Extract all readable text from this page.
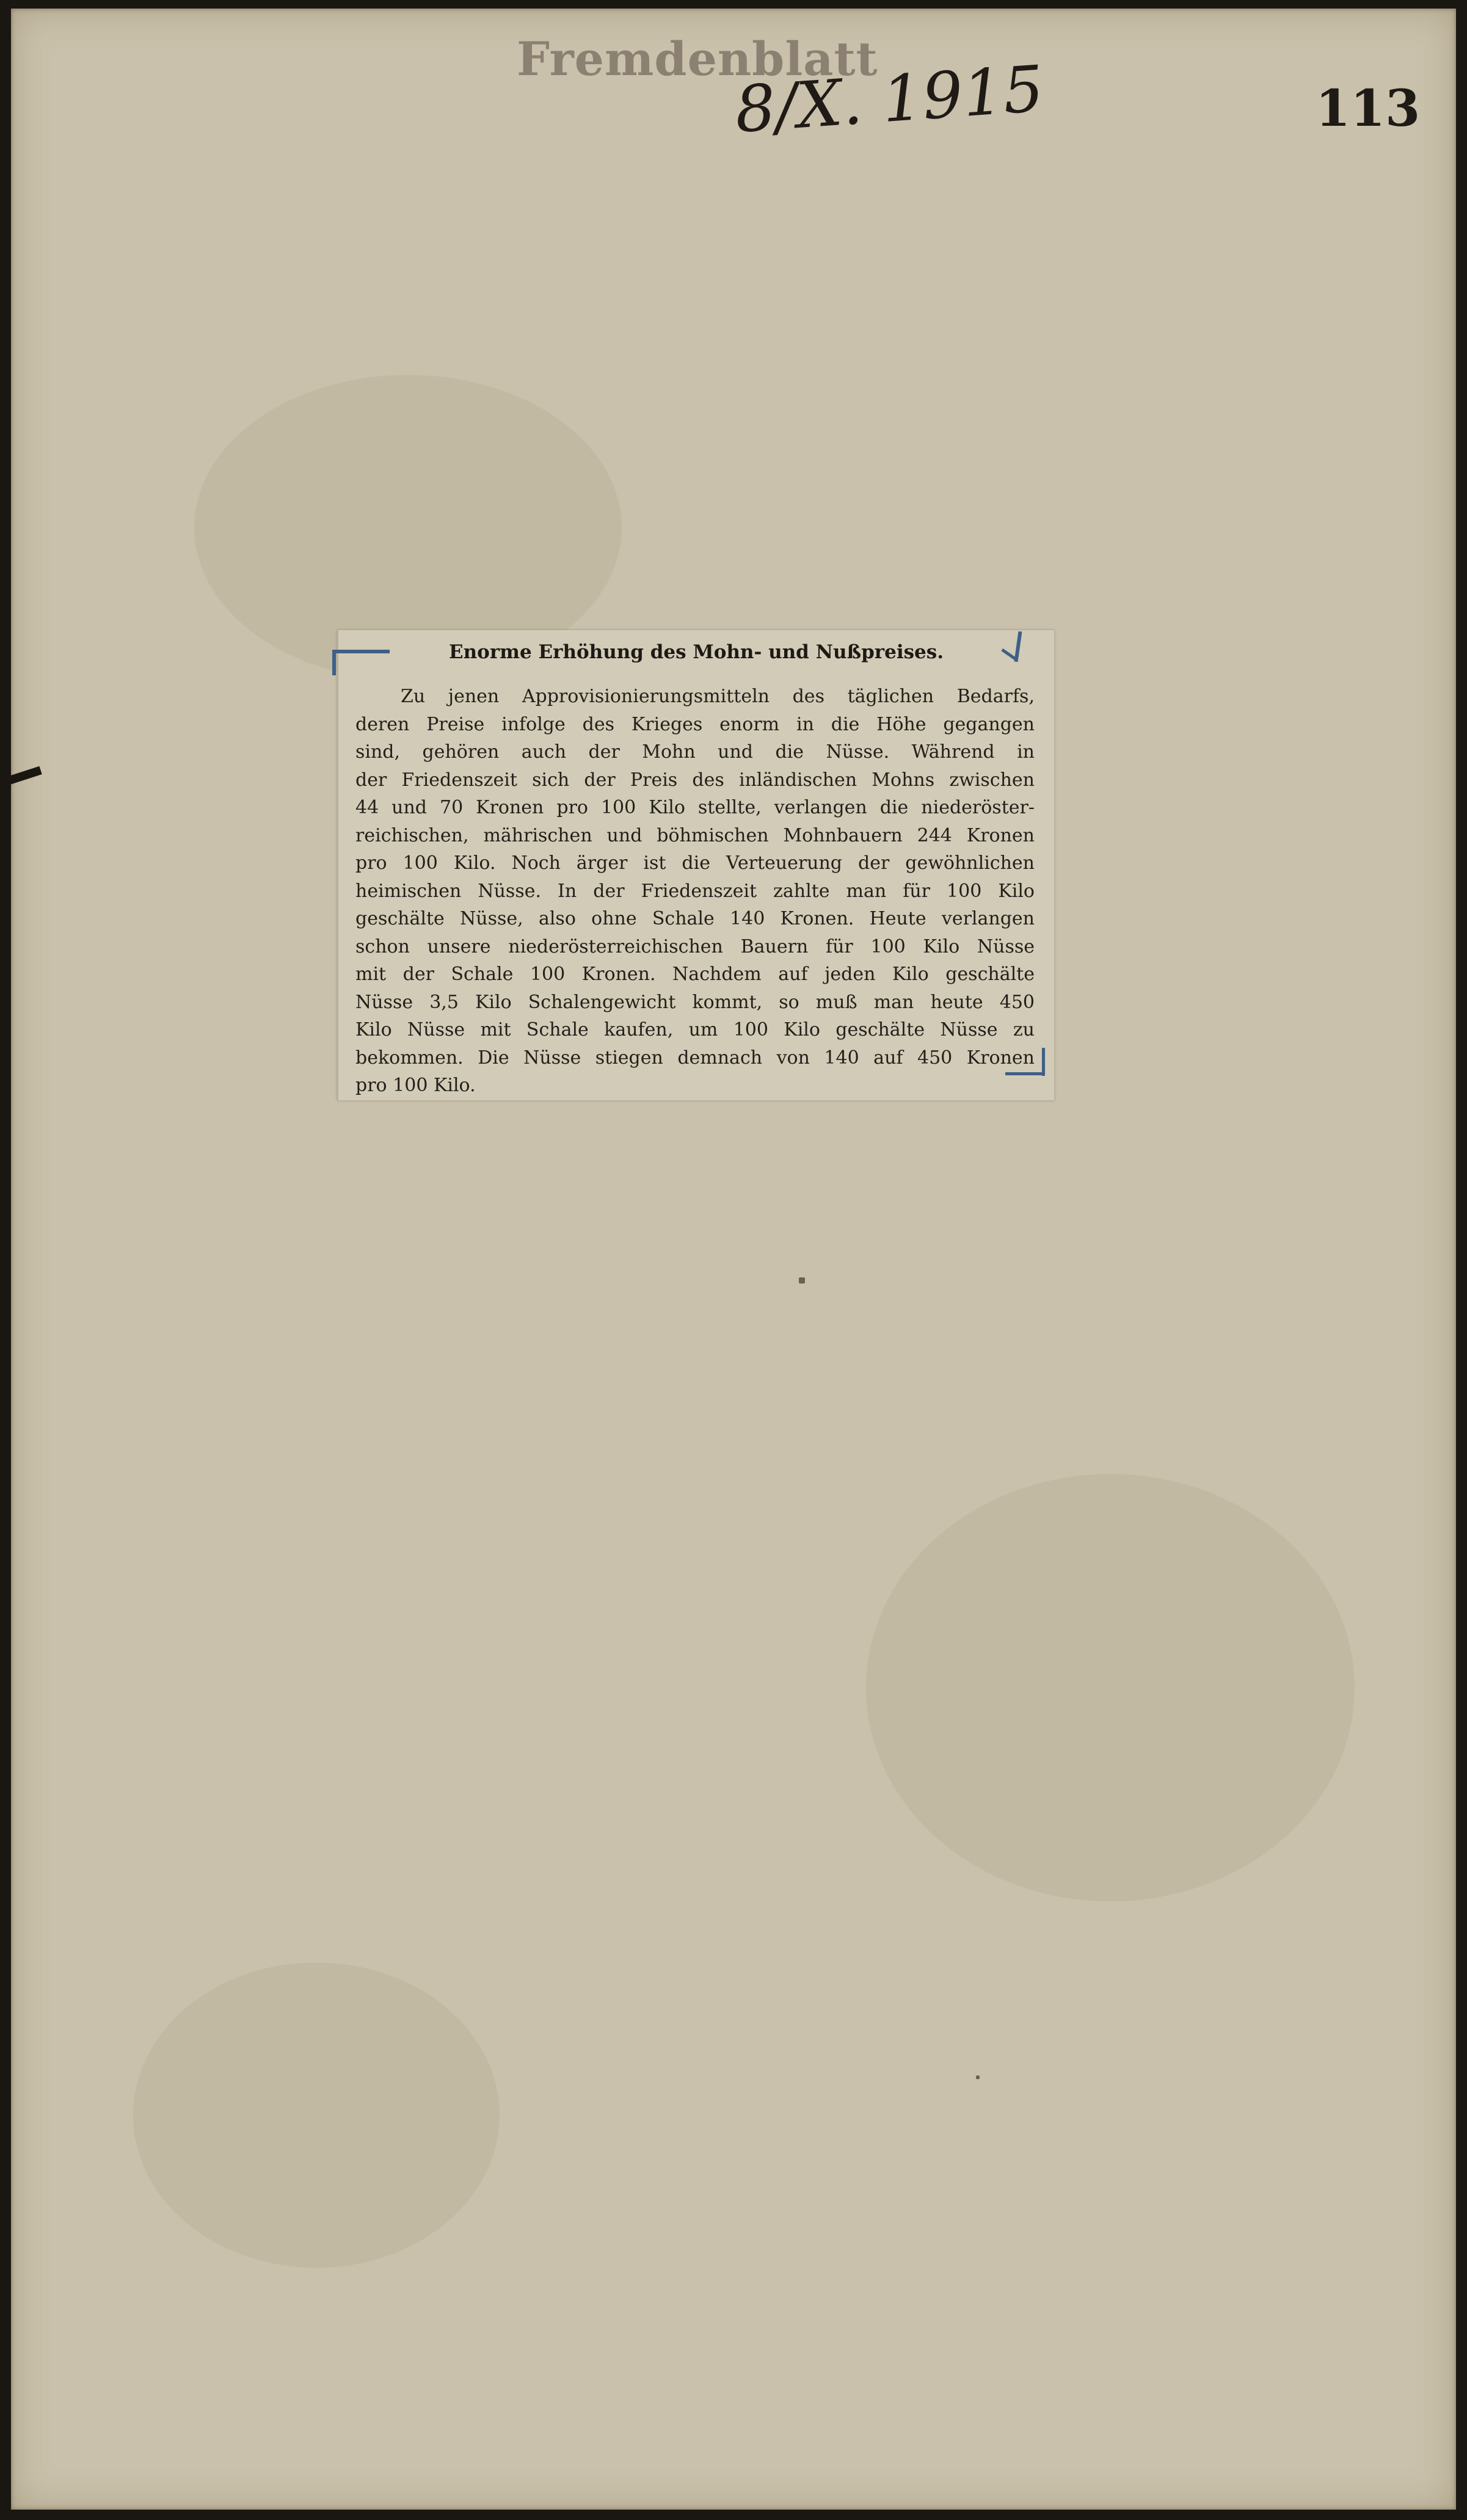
Fremdenblatt
8/X. 1915	113
Enorme Erhöhung des Mohn- und Nußpreises.
Zu jenen Approvisionierungsmitteln des täglichen Bedarfs,
deren Preise infolge des Krieges enorm in die Höhe gegangen
sind, gehören auch der Mohn und die Nüsse. Während in
der Friedenszeit sich der Preis des inländischen Mohns zwischen
44 und 70 Kronen pro 100 Kilo stellte, verlangen die niederöster-
reichischen, mährischen und böhmischen Mohnbauern 244 Kronen
pro 100 Kilo. Noch ärger ist die Verteuerung der gewöhnlichen
heimischen Nüsse. In der Friedenszeit zahlte man für 100 Kilo
geschälte Nüsse, also ohne Schale 140 Kronen. Heute verlangen
schon unsere niederösterreichischen Bauern für 100 Kilo Nüsse
mit der Schale 100 Kronen. Nachdem auf jeden Kilo geschälte
Nüsse 3,5 Kilo Schalengewicht kommt, so muß man heute 450
Kilo Nüsse mit Schale kaufen, um 100 Kilo geschälte Nüsse zu
bekommen. Die Nüsse stiegen demnach von 140 auf 450 Kronen
pro 100 Kilo.
